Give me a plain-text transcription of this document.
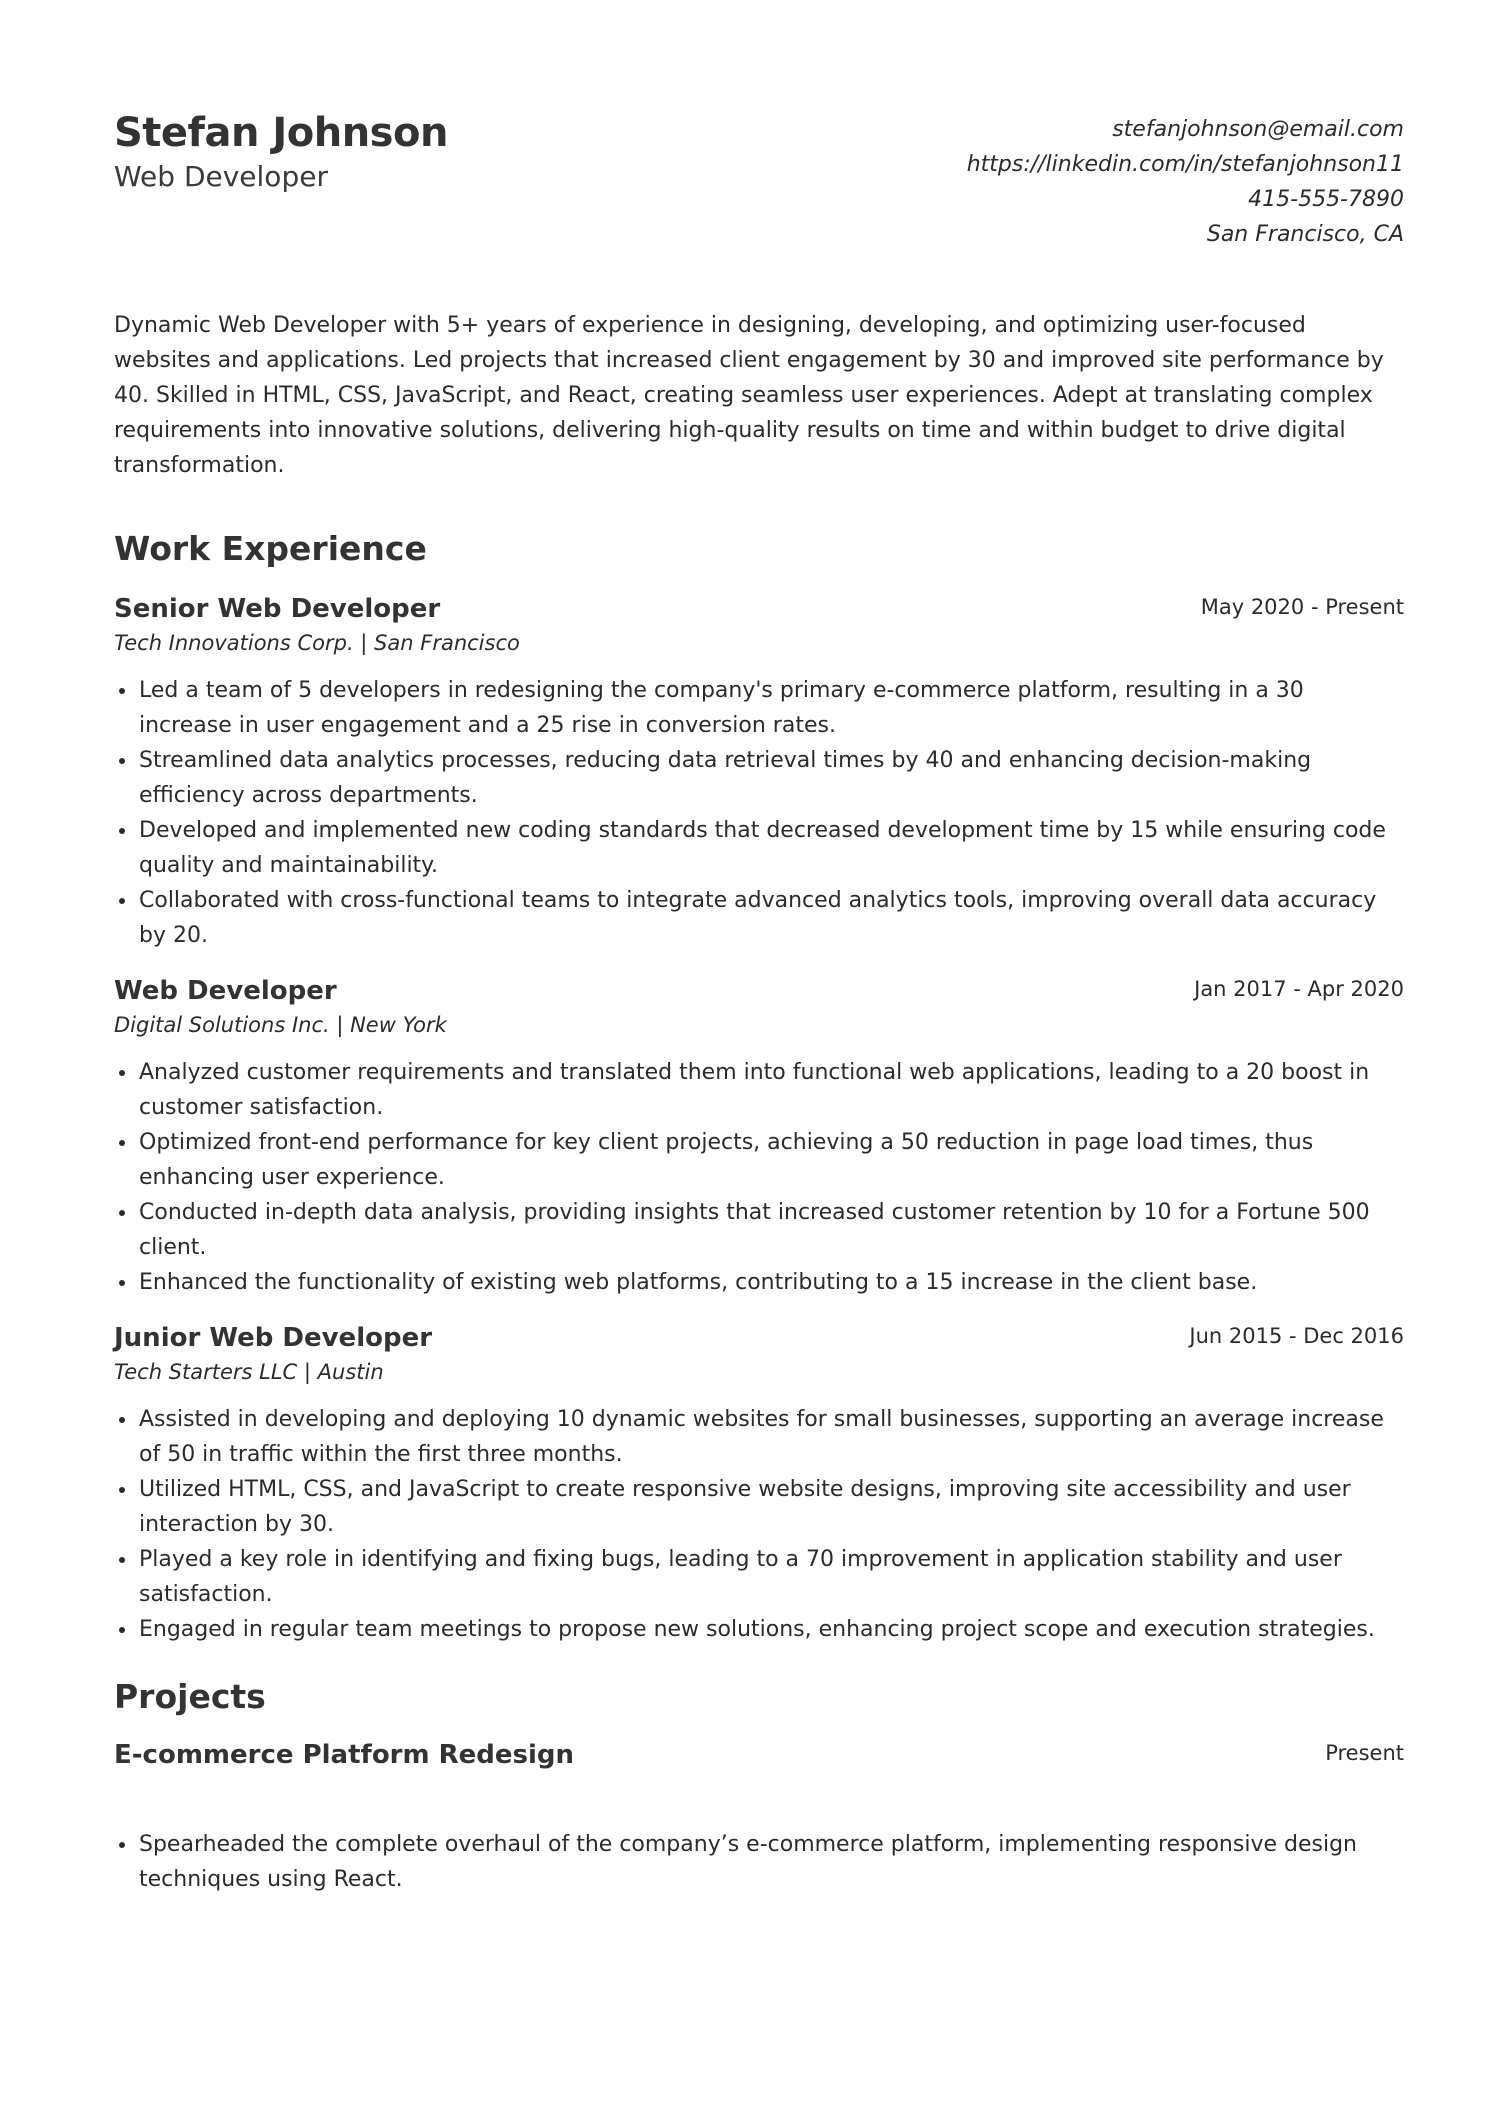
Stefan Johnson

Web Developer

stefanjohnson@email.com
https://linkedin.com/in/stefanjohnson11
415-555-7890
San Francisco, CA

Dynamic Web Developer with 5+ years of experience in designing, developing, and optimizing user-focused websites and applications. Led projects that increased client engagement by 30 and improved site performance by 40. Skilled in HTML, CSS, JavaScript, and React, creating seamless user experiences. Adept at translating complex requirements into innovative solutions, delivering high-quality results on time and within budget to drive digital transformation.

Work Experience

Senior Web Developer

Tech Innovations Corp. | San Francisco

May 2020 - Present
Led a team of 5 developers in redesigning the company's primary e-commerce platform, resulting in a 30 increase in user engagement and a 25 rise in conversion rates.
Streamlined data analytics processes, reducing data retrieval times by 40 and enhancing decision-making efficiency across departments.
Developed and implemented new coding standards that decreased development time by 15 while ensuring code quality and maintainability.
Collaborated with cross-functional teams to integrate advanced analytics tools, improving overall data accuracy by 20.

Web Developer

Digital Solutions Inc. | New York

Jan 2017 - Apr 2020
Analyzed customer requirements and translated them into functional web applications, leading to a 20 boost in customer satisfaction.
Optimized front-end performance for key client projects, achieving a 50 reduction in page load times, thus enhancing user experience.
Conducted in-depth data analysis, providing insights that increased customer retention by 10 for a Fortune 500 client.
Enhanced the functionality of existing web platforms, contributing to a 15 increase in the client base.

Junior Web Developer

Tech Starters LLC | Austin

Jun 2015 - Dec 2016
Assisted in developing and deploying 10 dynamic websites for small businesses, supporting an average increase of 50 in traffic within the first three months.
Utilized HTML, CSS, and JavaScript to create responsive website designs, improving site accessibility and user interaction by 30.
Played a key role in identifying and fixing bugs, leading to a 70 improvement in application stability and user satisfaction.
Engaged in regular team meetings to propose new solutions, enhancing project scope and execution strategies.
Projects

E-commerce Platform Redesign	Present
Spearheaded the complete overhaul of the company’s e-commerce platform, implementing responsive design techniques using React.
